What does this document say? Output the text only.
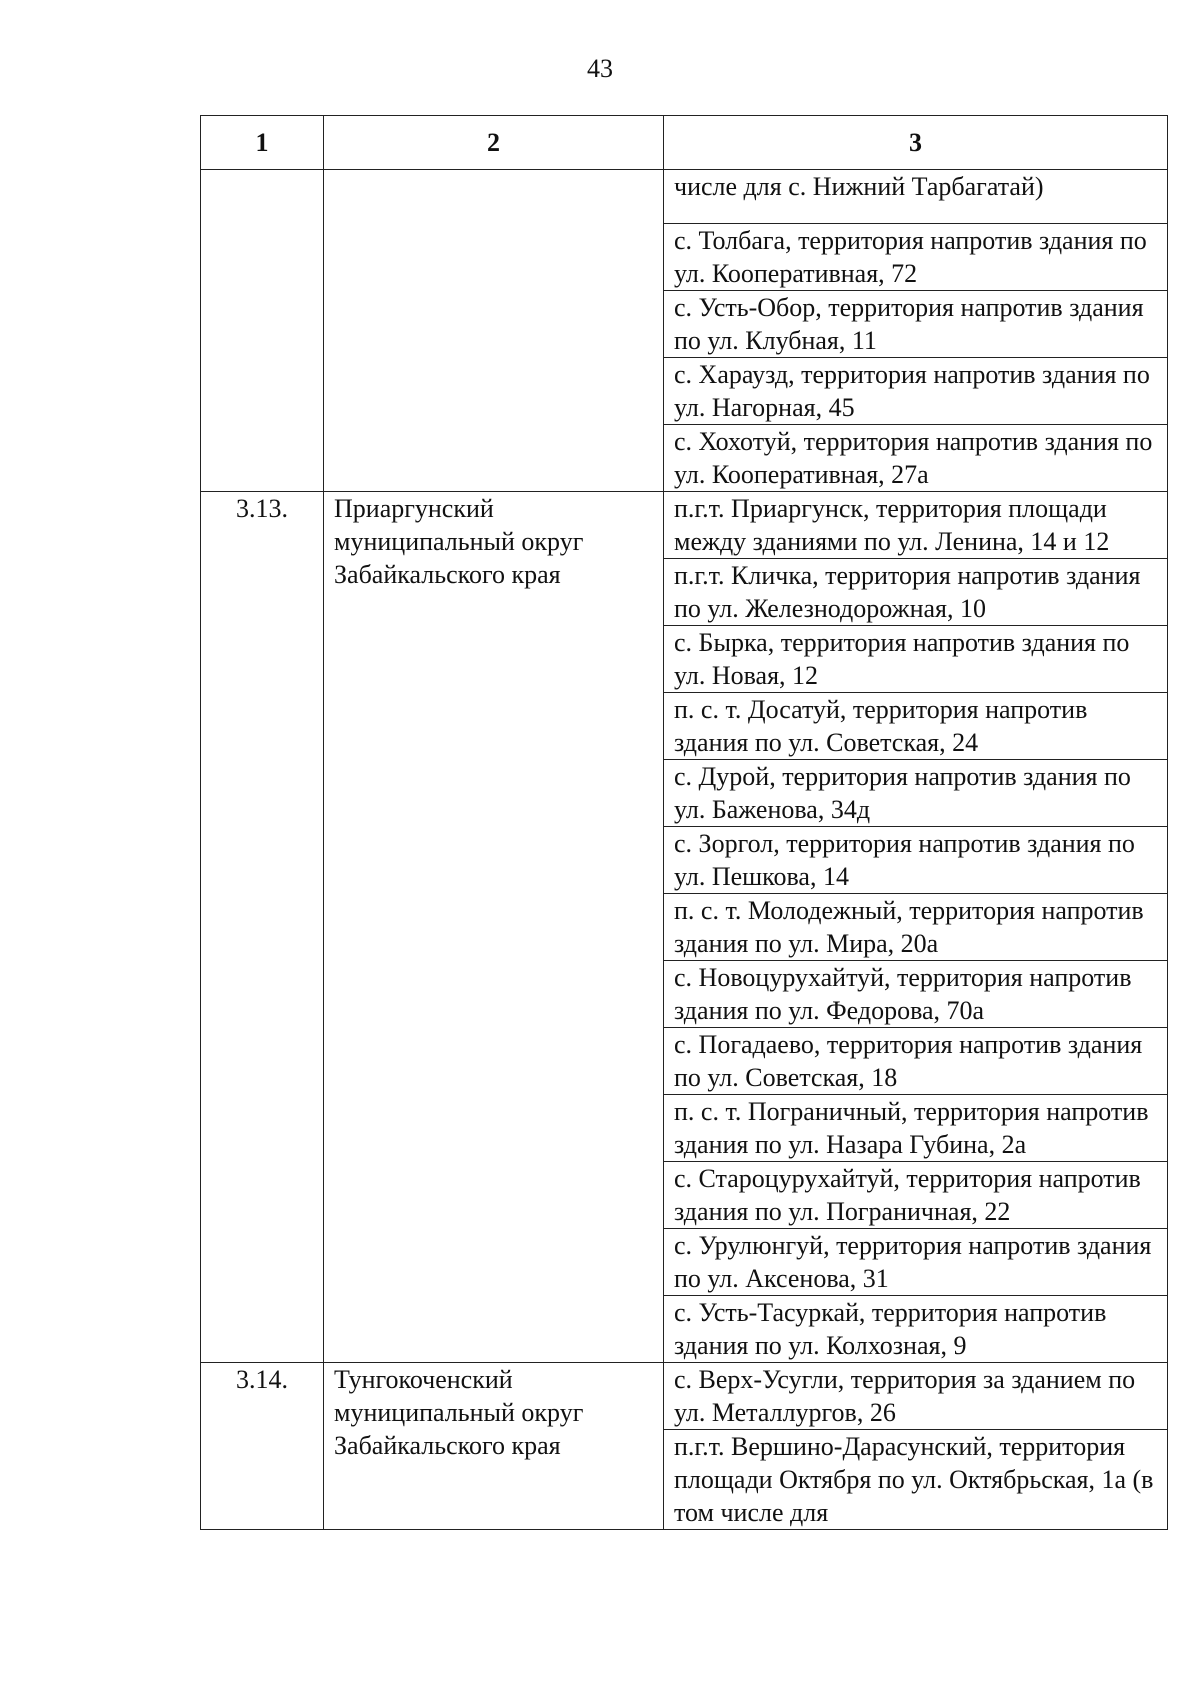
43
1	2	3
		числе для с. Нижний Тарбагатай)
		с. Толбага, территория напротив здания по ул. Кооперативная, 72
		с. Усть-Обор, территория напротив здания по ул. Клубная, 11
		с. Хараузд, территория напротив здания по ул. Нагорная, 45
		с. Хохотуй, территория напротив здания по ул. Кооперативная, 27а
3.13.	Приаргунский муниципальный округ Забайкальского края	п.г.т. Приаргунск, территория площади между зданиями по ул. Ленина, 14 и 12
		п.г.т. Кличка, территория напротив здания по ул. Железнодорожная, 10
		с. Бырка, территория напротив здания по ул. Новая, 12
		п. с. т. Досатуй, территория напротив здания по ул. Советская, 24
		с. Дурой, территория напротив здания по ул. Баженова, 34д
		с. Зоргол, территория напротив здания по ул. Пешкова, 14
		п. с. т. Молодежный, территория напротив здания по ул. Мира, 20а
		с. Новоцурухайтуй, территория напротив здания по ул. Федорова, 70а
		с. Погадаево, территория напротив здания по ул. Советская, 18
		п. с. т. Пограничный, территория напротив здания по ул. Назара Губина, 2а
		с. Староцурухайтуй, территория напротив здания по ул. Пограничная, 22
		с. Урулюнгуй, территория напротив здания по ул. Аксенова, 31
		с. Усть-Тасуркай, территория напротив здания по ул. Колхозная, 9
3.14.	Тунгокоченский муниципальный округ Забайкальского края	с. Верх-Усугли, территория за зданием по ул. Металлургов, 26
		п.г.т. Вершино-Дарасунский, территория площади Октября по ул. Октябрьская, 1а (в том числе для
